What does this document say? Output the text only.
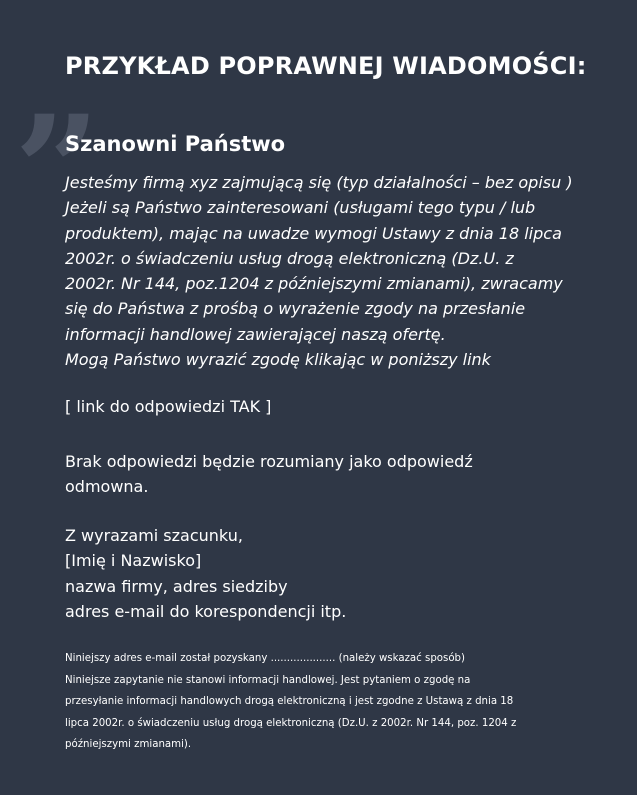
PRZYKŁAD POPRAWNEJ WIADOMOŚCI:
”
Szanowni Państwo

Jesteśmy firmą xyz zajmującą się (typ działalności – bez opisu )
Jeżeli są Państwo zainteresowani (usługami tego typu / lub
produktem), mając na uwadze wymogi Ustawy z dnia 18 lipca
2002r. o świadczeniu usług drogą elektroniczną (Dz.U. z
2002r. Nr 144, poz.1204 z późniejszymi zmianami), zwracamy
się do Państwa z prośbą o wyrażenie zgody na przesłanie
informacji handlowej zawierającej naszą ofertę.
Mogą Państwo wyrazić zgodę klikając w poniższy link

[ link do odpowiedzi TAK ]

Brak odpowiedzi będzie rozumiany jako odpowiedź
odmowna.

Z wyrazami szacunku,
[Imię i Nazwisko]
nazwa firmy, adres siedziby
adres e-mail do korespondencji itp.

Niniejszy adres e-mail został pozyskany .................... (należy wskazać sposób)
Niniejsze zapytanie nie stanowi informacji handlowej. Jest pytaniem o zgodę na
przesyłanie informacji handlowych drogą elektroniczną i jest zgodne z Ustawą z dnia 18
lipca 2002r. o świadczeniu usług drogą elektroniczną (Dz.U. z 2002r. Nr 144, poz. 1204 z
późniejszymi zmianami).
